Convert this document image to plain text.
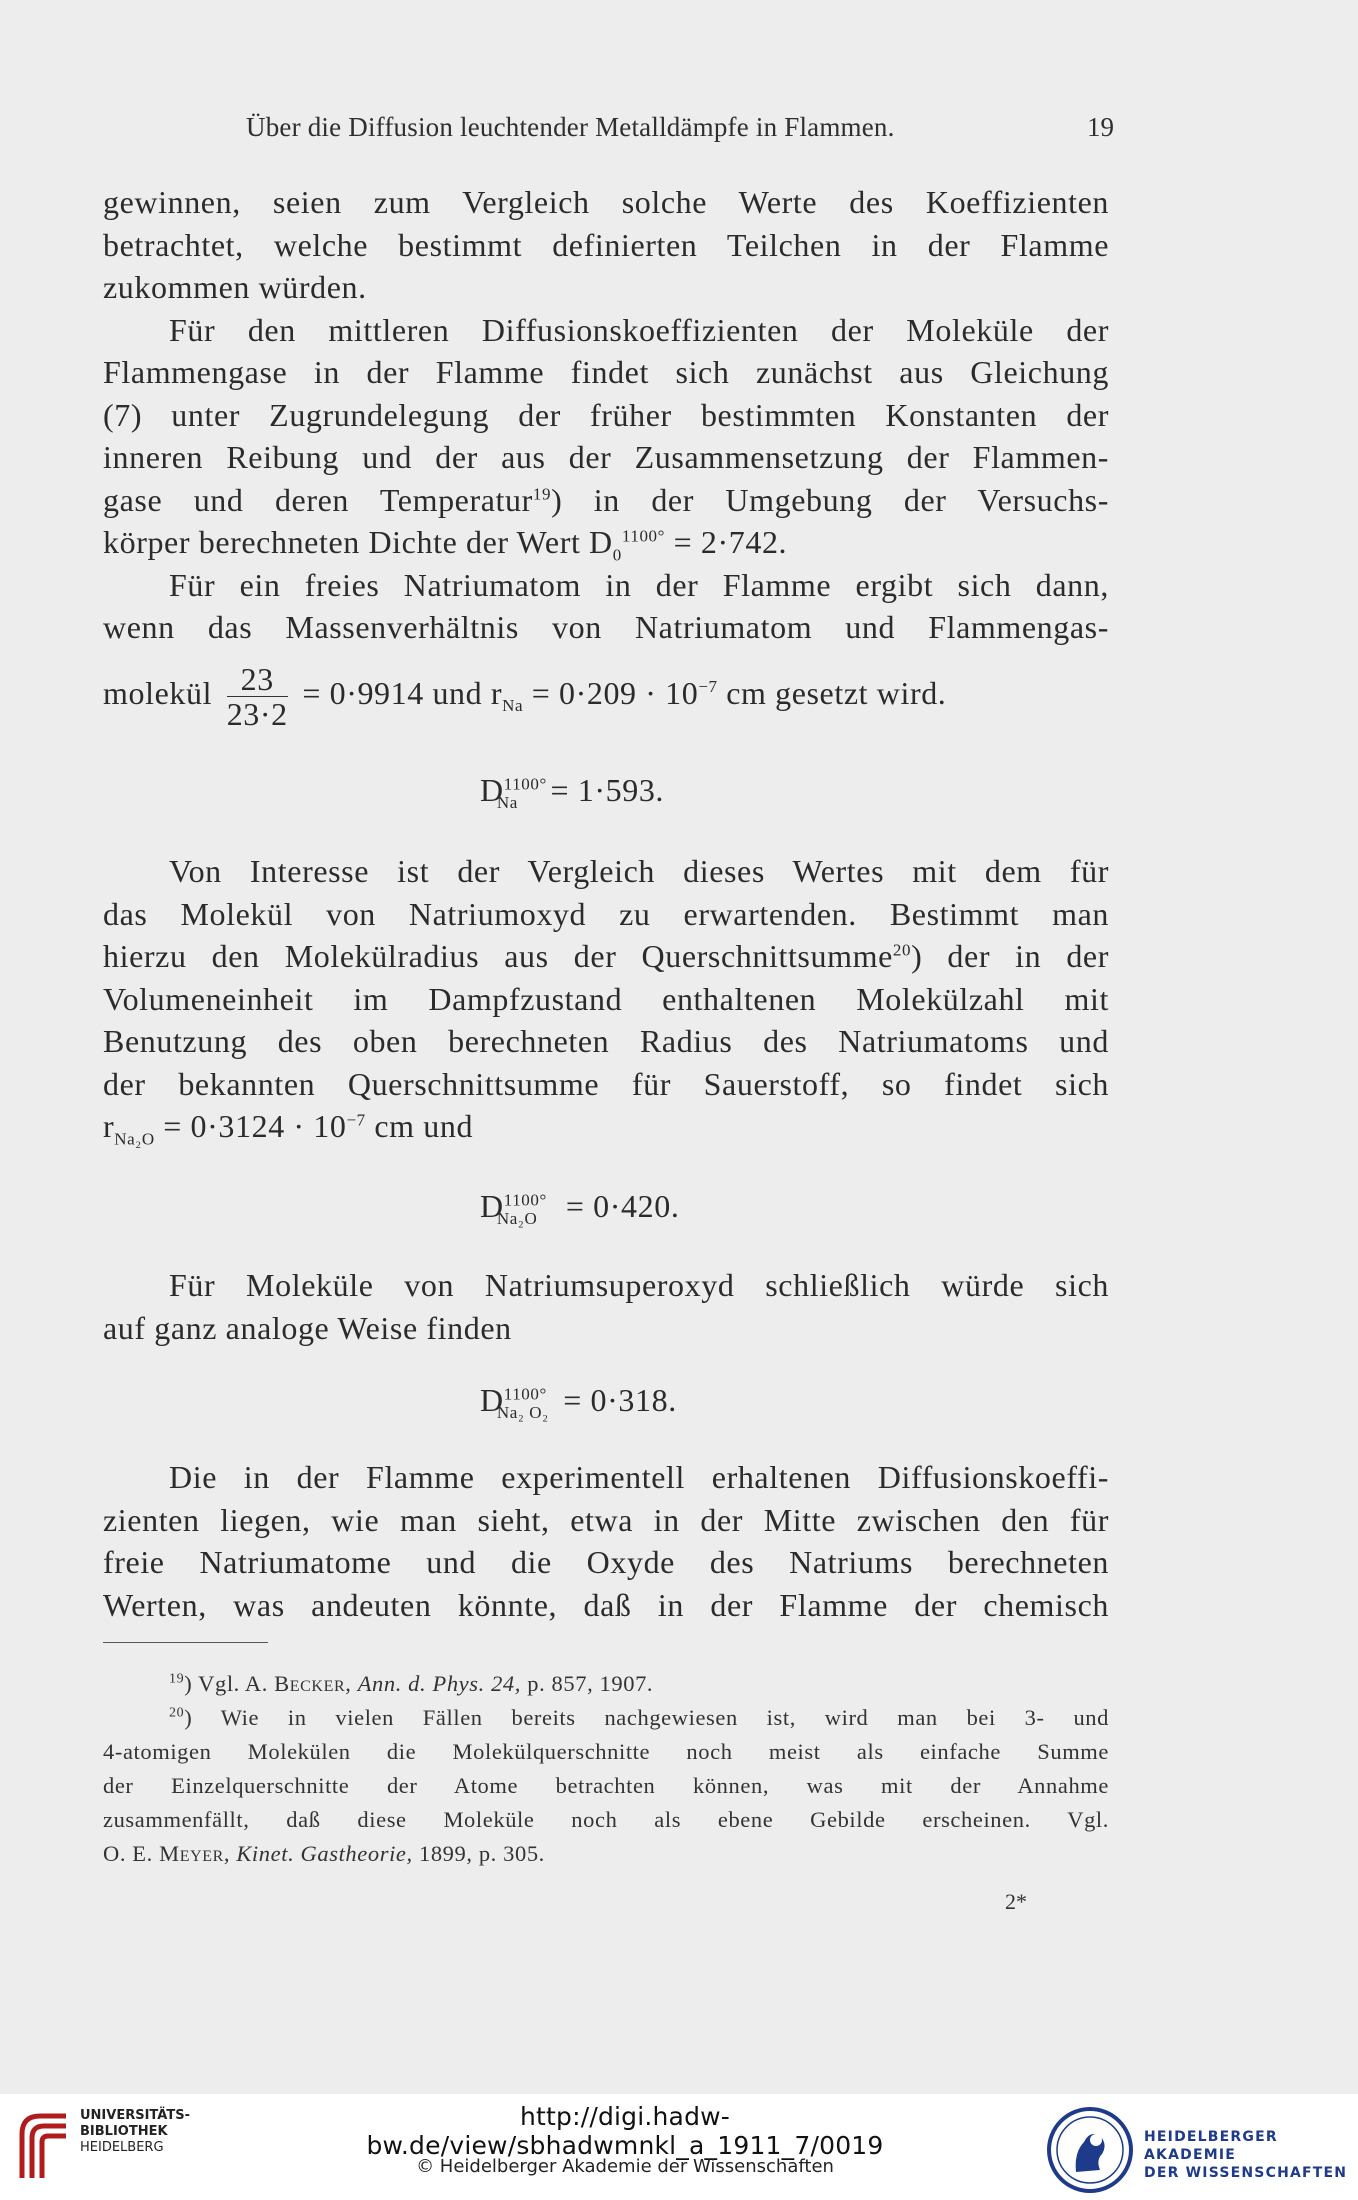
Über die Diffusion leuchtender Metalldämpfe in Flammen.	19
gewinnen, seien zum Vergleich solche Werte des Koeffizienten
betrachtet, welche bestimmt definierten Teilchen in der Flamme
zukommen würden.
Für den mittleren Diffusionskoeffizienten der Moleküle der
Flammengase in der Flamme findet sich zunächst aus Gleichung
(7) unter Zugrundelegung der früher bestimmten Konstanten der
inneren Reibung und der aus der Zusammensetzung der Flammen-
gase und deren Temperatur$^{19}$) in der Umgebung der Versuchs-
körper berechneten Dichte der Wert $D_0^{1100^\circ} = 2\cdot 742$.
Für ein freies Natriumatom in der Flamme ergibt sich dann,
wenn das Massenverhältnis von Natriumatom und Flammengas-
molekül $\frac{23}{23\cdot 2} = 0\cdot 9914$ und $r_{Na} = 0\cdot 209 \cdot 10^{-7}$ cm gesetzt wird.
$D^{1100^\circ}_{Na} = 1\cdot 593$.
Von Interesse ist der Vergleich dieses Wertes mit dem für
das Molekül von Natriumoxyd zu erwartenden. Bestimmt man
hierzu den Molekülradius aus der Querschnittsumme$^{20}$) der in der
Volumeneinheit im Dampfzustand enthaltenen Molekülzahl mit
Benutzung des oben berechneten Radius des Natriumatoms und
der bekannten Querschnittsumme für Sauerstoff, so findet sich
$r_{Na_2O} = 0\cdot 3124 \cdot 10^{-7}$ cm und
$D^{1100^\circ}_{Na_2O} = 0\cdot 420$.
Für Moleküle von Natriumsuperoxyd schließlich würde sich
auf ganz analoge Weise finden
$D^{1100^\circ}_{Na_2 O_2} = 0\cdot 318$.
Die in der Flamme experimentell erhaltenen Diffusionskoeffi-
zienten liegen, wie man sieht, etwa in der Mitte zwischen den für
freie Natriumatome und die Oxyde des Natriums berechneten
Werten, was andeuten könnte, daß in der Flamme der chemisch
$^{19}$) Vgl. A. Becker, Ann. d. Phys. 24, p. 857, 1907.
$^{20}$) Wie in vielen Fällen bereits nachgewiesen ist, wird man bei 3- und
4-atomigen Molekülen die Molekülquerschnitte noch meist als einfache Summe
der Einzelquerschnitte der Atome betrachten können, was mit der Annahme
zusammenfällt, daß diese Moleküle noch als ebene Gebilde erscheinen. Vgl.
O. E. Meyer, Kinet. Gastheorie, 1899, p. 305.
2*
UNIVERSITÄTS-
BIBLIOTHEK
HEIDELBERG
http://digi.hadw-bw.de/view/sbhadwmnkl_a_1911_7/0019
© Heidelberger Akademie der Wissenschaften
HEIDELBERGER AKADEMIE
DER WISSENSCHAFTEN
